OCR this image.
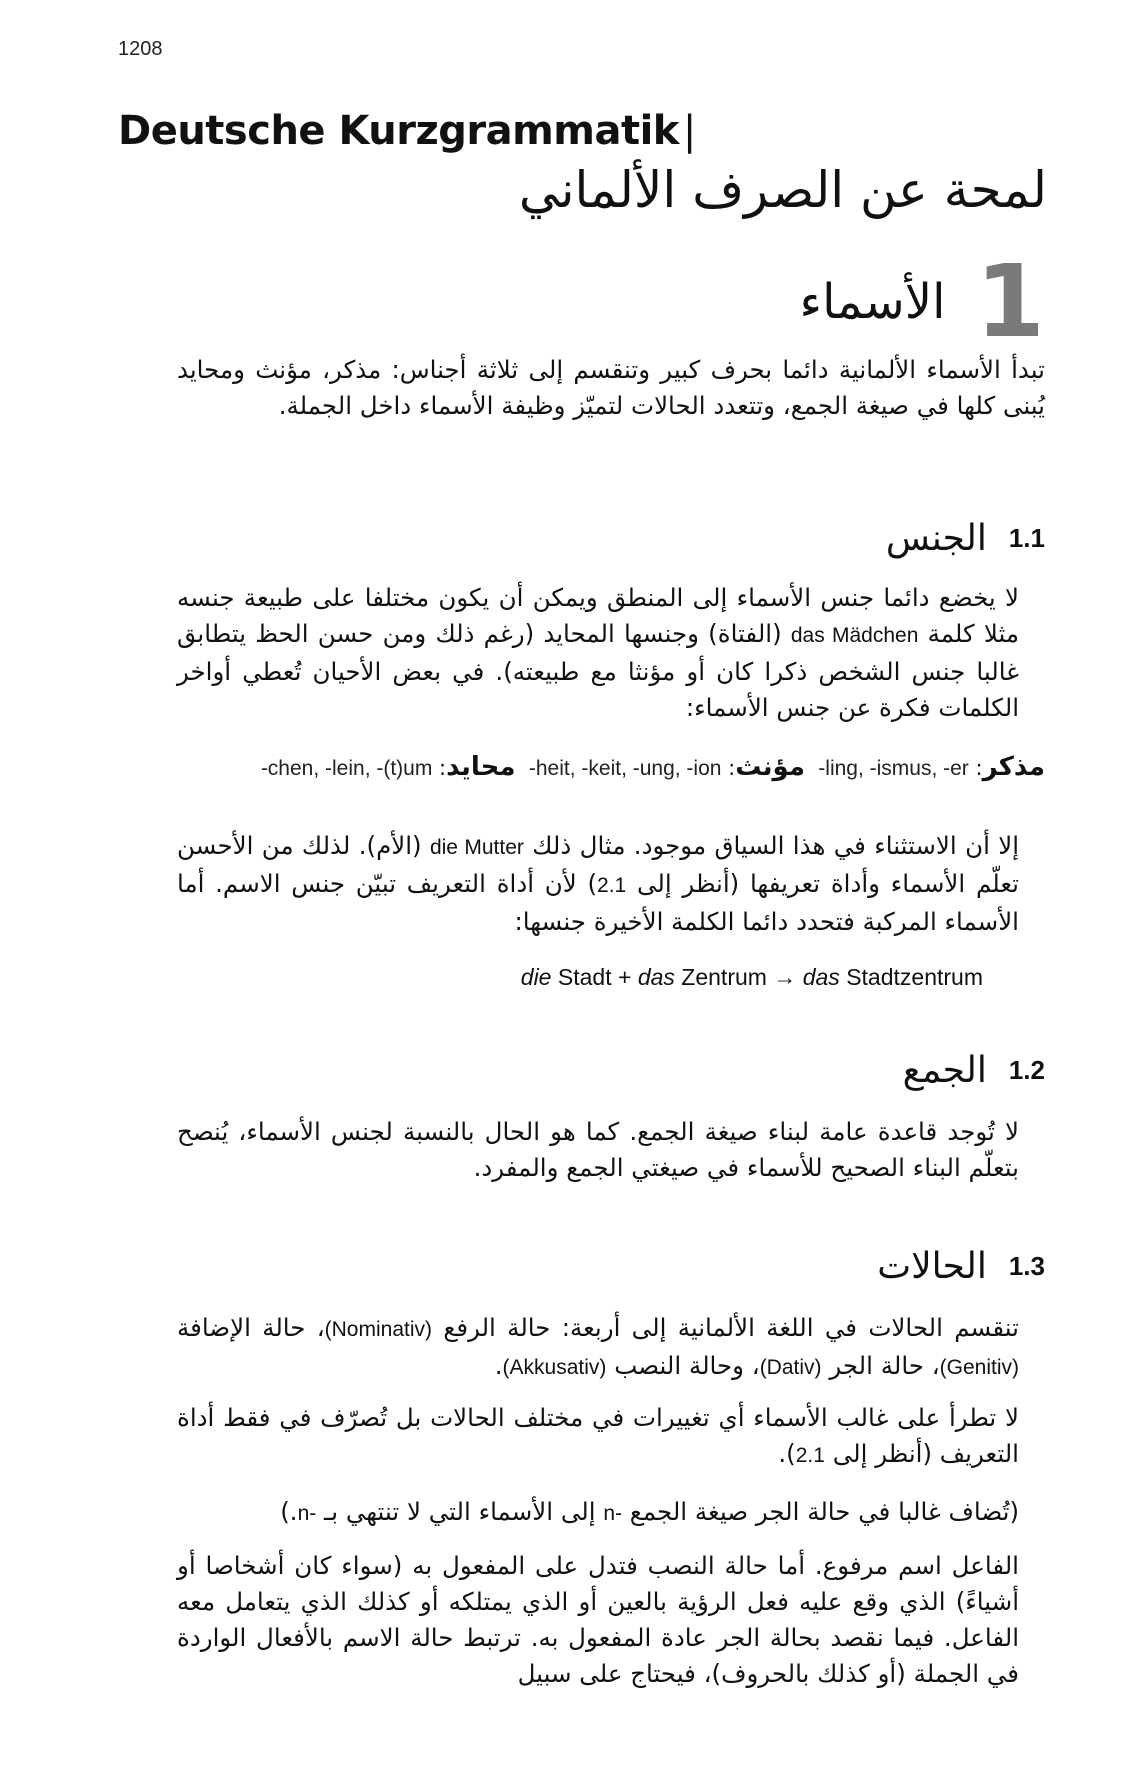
1208
Deutsche Kurzgrammatik |
لمحة عن الصرف الألماني
1
الأسماء

تبدأ الأسماء الألمانية دائما بحرف كبير وتنقسم إلى ثلاثة أجناس: مذكر، مؤنث ومحايد يُبنى كلها في صيغة الجمع، وتتعدد الحالات لتميّز وظيفة الأسماء داخل الجملة.

1.1
الجنس

لا يخضع دائما جنس الأسماء إلى المنطق ويمكن أن يكون مختلفا على طبيعة جنسه مثلا كلمة das Mädchen (الفتاة) وجنسها المحايد (رغم ذلك ومن حسن الحظ يتطابق غالبا جنس الشخص ذكرا كان أو مؤنثا مع طبيعته). في بعض الأحيان تُعطي أواخر الكلمات فكرة عن جنس الأسماء:

مذكر: -ling, -ismus, -er  مؤنث: -heit, -keit, -ung, -ion  محايد: -chen, -lein, -(t)um

إلا أن الاستثناء في هذا السياق موجود. مثال ذلك die Mutter (الأم). لذلك من الأحسن تعلّم الأسماء وأداة تعريفها (أنظر إلى 2.1) لأن أداة التعريف تبيّن جنس الاسم. أما الأسماء المركبة فتحدد دائما الكلمة الأخيرة جنسها:

die Stadt + das Zentrum → das Stadtzentrum
1.2
الجمع

لا تُوجد قاعدة عامة لبناء صيغة الجمع. كما هو الحال بالنسبة لجنس الأسماء، يُنصح بتعلّم البناء الصحيح للأسماء في صيغتي الجمع والمفرد.

1.3
الحالات

تنقسم الحالات في اللغة الألمانية إلى أربعة: حالة الرفع (Nominativ)، حالة الإضافة (Genitiv)، حالة الجر (Dativ)، وحالة النصب (Akkusativ).

لا تطرأ على غالب الأسماء أي تغييرات في مختلف الحالات بل تُصرّف في فقط أداة التعريف (أنظر إلى 2.1).

(تُضاف غالبا في حالة الجر صيغة الجمع n- إلى الأسماء التي لا تنتهي بـ n-.)

الفاعل اسم مرفوع. أما حالة النصب فتدل على المفعول به (سواء كان أشخاصا أو أشياءً) الذي وقع عليه فعل الرؤية بالعين أو الذي يمتلكه أو كذلك الذي يتعامل معه الفاعل. فيما نقصد بحالة الجر عادة المفعول به. ترتبط حالة الاسم بالأفعال الواردة في الجملة (أو كذلك بالحروف)، فيحتاج على سبيل
